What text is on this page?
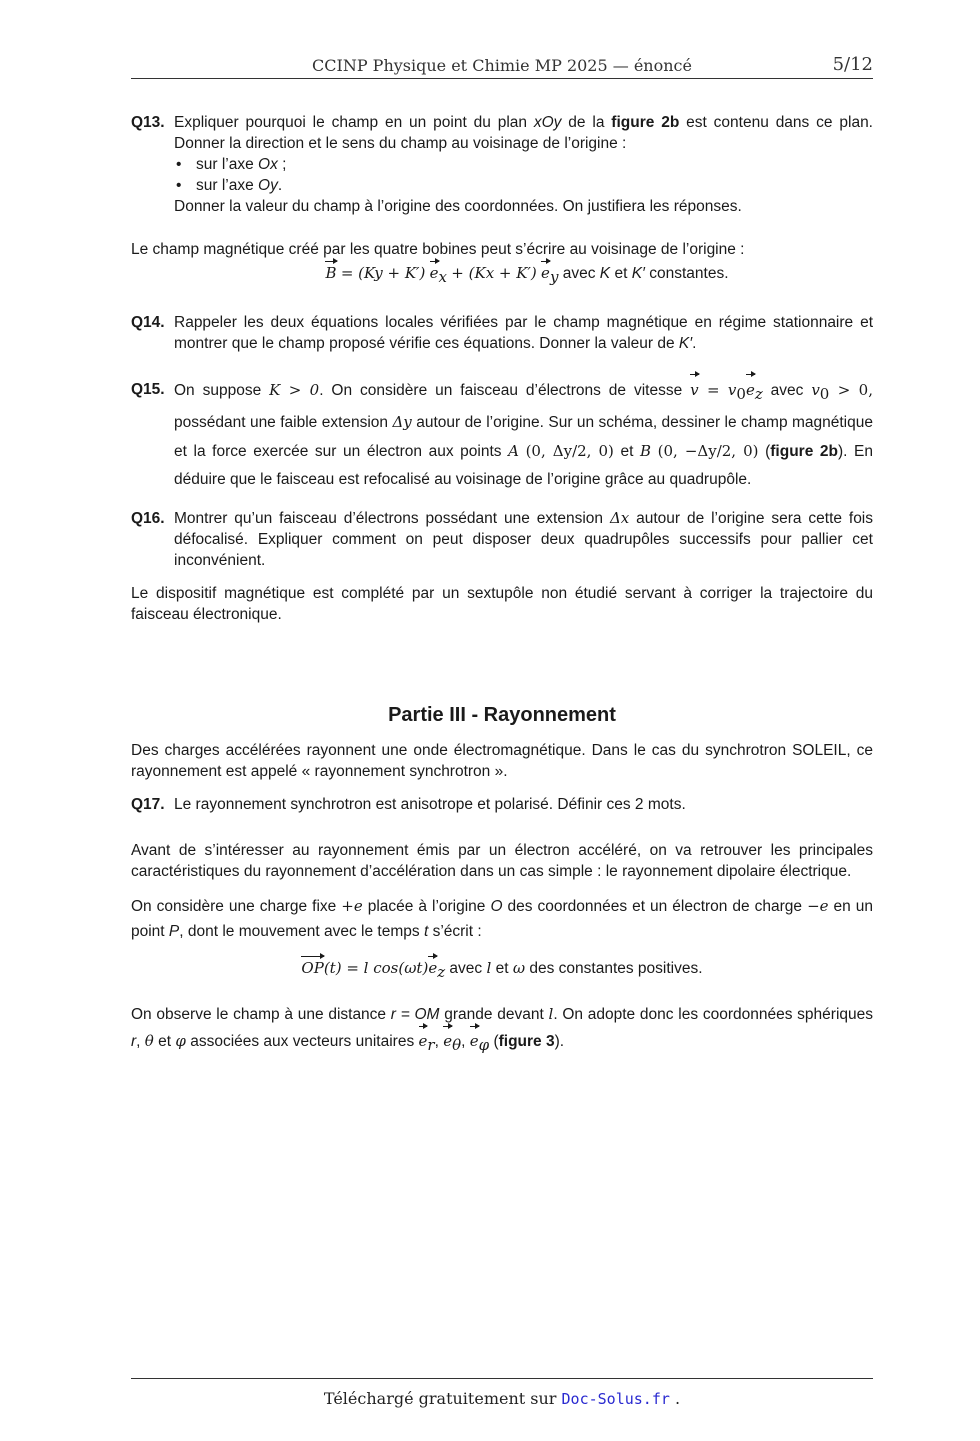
CCINP Physique et Chimie MP 2025 — énoncé	5/12
Q13. Expliquer pourquoi le champ en un point du plan xOy de la figure 2b est contenu dans ce plan. Donner la direction et le sens du champ au voisinage de l’origine :
• sur l’axe Ox ;
• sur l’axe Oy.
Donner la valeur du champ à l’origine des coordonnées. On justifiera les réponses.

Le champ magnétique créé par les quatre bobines peut s’écrire au voisinage de l’origine :

B = (Ky + K′) $e_x + (Kx + K')$ $e_y$ avec K et K′ constantes.
Q14. Rappeler les deux équations locales vérifiées par le champ magnétique en régime stationnaire et montrer que le champ proposé vérifie ces équations. Donner la valeur de K′.
Q15. On suppose K > 0. On considère un faisceau d’électrons de vitesse $v = v_0e_z$ avec $v_0 > 0$, possédant une faible extension Δy autour de l’origine. Sur un schéma, dessiner le champ magnétique et la force exercée sur un électron aux points A (0, Δy/2, 0) et B (0, −Δy/2, 0) (figure 2b). En déduire que le faisceau est refocalisé au voisinage de l’origine grâce au quadrupôle.
Q16. Montrer qu’un faisceau d’électrons possédant une extension Δx autour de l’origine sera cette fois défocalisé. Expliquer comment on peut disposer deux quadrupôles successifs pour pallier cet inconvénient.

Le dispositif magnétique est complété par un sextupôle non étudié servant à corriger la trajectoire du faisceau électronique.

Partie III - Rayonnement

Des charges accélérées rayonnent une onde électromagnétique. Dans le cas du synchrotron SOLEIL, ce rayonnement est appelé « rayonnement synchrotron ».

Q17. Le rayonnement synchrotron est anisotrope et polarisé. Définir ces 2 mots.

Avant de s’intéresser au rayonnement émis par un électron accéléré, on va retrouver les principales caractéristiques du rayonnement d’accélération dans un cas simple : le rayonnement dipolaire électrique.

On considère une charge fixe +e placée à l’origine O des coordonnées et un électron de charge −e en un point P, dont le mouvement avec le temps t s’écrit :

OP(t) = l $\cos(\omega t)e_z$ avec l et ω des constantes positives.

On observe le champ à une distance r = OM grande devant l. On adopte donc les coordonnées sphériques r, θ et φ associées aux vecteurs unitaires $e_r$, $e_\theta$, $e_\varphi$ (figure 3).

Téléchargé gratuitement sur Doc-Solus.fr .
